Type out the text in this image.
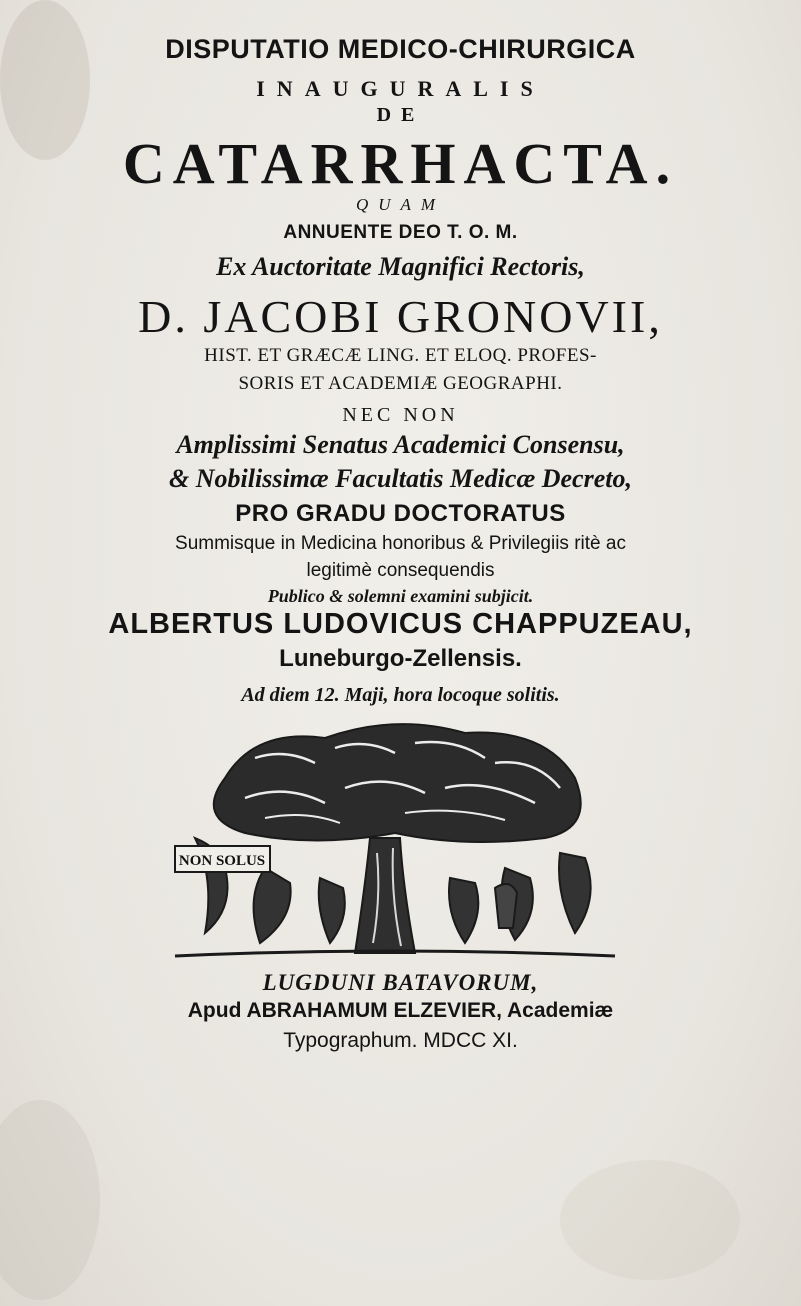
DISPUTATIO MEDICO-CHIRURGICA
INAUGURALIS
DE
CATARRHACTA.
QUAM
ANNUENTE DEO T. O. M.
Ex Auctoritate Magnifici Rectoris,
D. JACOBI GRONOVII,
HIST. ET GRÆCÆ LING. ET ELOQ. PROFES-
SORIS ET ACADEMIÆ GEOGRAPHI.
NEC NON
Amplissimi Senatus Academici Consensu,
& Nobilissimæ Facultatis Medicæ Decreto,
PRO GRADU DOCTORATUS
Summisque in Medicina honoribus & Privilegiis ritè ac
legitimè consequendis
Publico & solemni examini subjicit.
ALBERTUS LUDOVICUS CHAPPUZEAU,
Luneburgo-Zellensis.
Ad diem 12. Maji, hora locoque solitis.
NON SOLUS
LUGDUNI BATAVORUM,
Apud ABRAHAMUM ELZEVIER, Academiæ
Typographum. MDCC XI.
